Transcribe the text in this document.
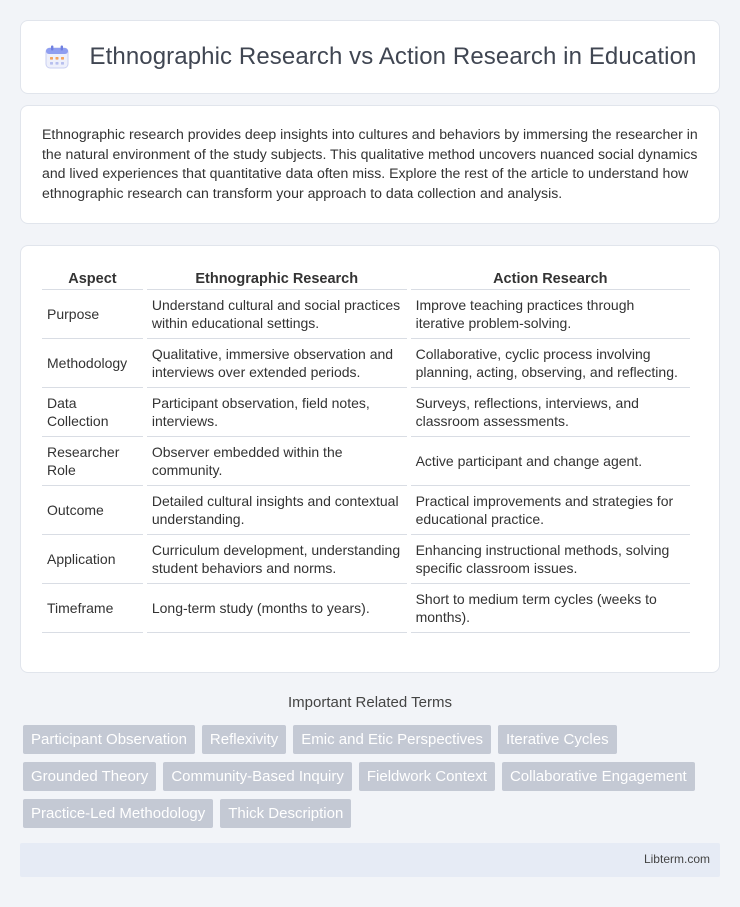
Ethnographic Research vs Action Research in Education

Ethnographic research provides deep insights into cultures and behaviors by immersing the researcher in the natural environment of the study subjects. This qualitative method uncovers nuanced social dynamics and lived experiences that quantitative data often miss. Explore the rest of the article to understand how ethnographic research can transform your approach to data collection and analysis.

Aspect	Ethnographic Research	Action Research
Purpose	Understand cultural and social practices within educational settings.	Improve teaching practices through iterative problem-solving.
Methodology	Qualitative, immersive observation and interviews over extended periods.	Collaborative, cyclic process involving planning, acting, observing, and reflecting.
Data Collection	Participant observation, field notes, interviews.	Surveys, reflections, interviews, and classroom assessments.
Researcher Role	Observer embedded within the community.	Active participant and change agent.
Outcome	Detailed cultural insights and contextual understanding.	Practical improvements and strategies for educational practice.
Application	Curriculum development, understanding student behaviors and norms.	Enhancing instructional methods, solving specific classroom issues.
Timeframe	Long-term study (months to years).	Short to medium term cycles (weeks to months).
Important Related Terms
Participant Observation	Reflexivity	Emic and Etic Perspectives	Iterative Cycles
Grounded Theory	Community-Based Inquiry	Fieldwork Context	Collaborative Engagement
Practice-Led Methodology	Thick Description
Libterm.com
